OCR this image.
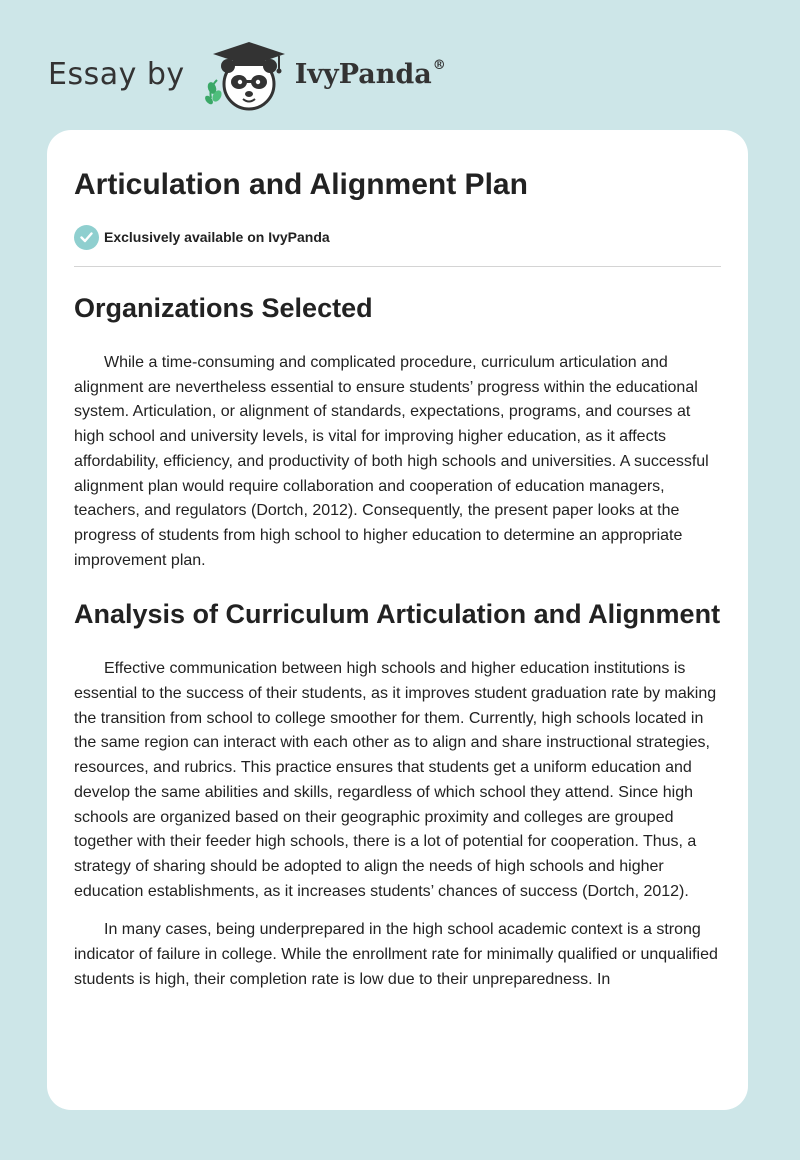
Essay by	IvyPanda®
Articulation and Alignment Plan
Exclusively available on IvyPanda
Organizations Selected

While a time-consuming and complicated procedure, curriculum articulation and alignment are nevertheless essential to ensure students’ progress within the educational system. Articulation, or alignment of standards, expectations, programs, and courses at high school and university levels, is vital for improving higher education, as it affects affordability, efficiency, and productivity of both high schools and universities. A successful alignment plan would require collaboration and cooperation of education managers, teachers, and regulators (Dortch, 2012). Consequently, the present paper looks at the progress of students from high school to higher education to determine an appropriate improvement plan.

Analysis of Curriculum Articulation and Alignment

Effective communication between high schools and higher education institutions is essential to the success of their students, as it improves student graduation rate by making the transition from school to college smoother for them. Currently, high schools located in the same region can interact with each other as to align and share instructional strategies, resources, and rubrics. This practice ensures that students get a uniform education and develop the same abilities and skills, regardless of which school they attend. Since high schools are organized based on their geographic proximity and colleges are grouped together with their feeder high schools, there is a lot of potential for cooperation. Thus, a strategy of sharing should be adopted to align the needs of high schools and higher education establishments, as it increases students’ chances of success (Dortch, 2012).

In many cases, being underprepared in the high school academic context is a strong indicator of failure in college. While the enrollment rate for minimally qualified or unqualified students is high, their completion rate is low due to their unpreparedness. In
